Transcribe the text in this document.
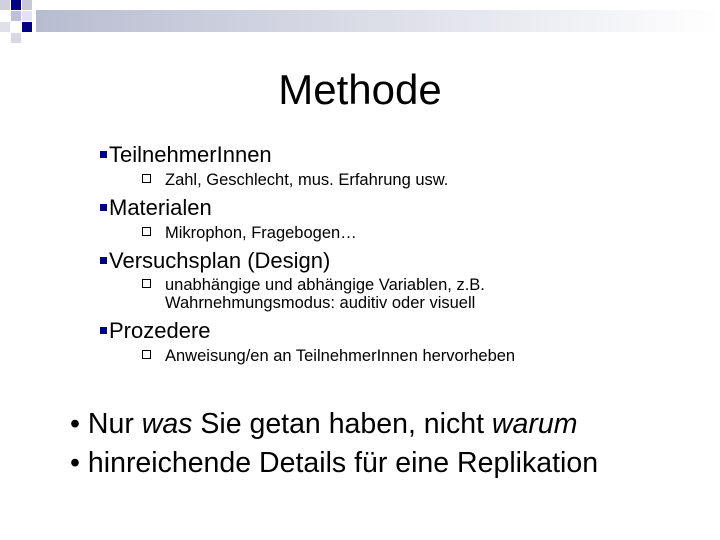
Methode
TeilnehmerInnen
Zahl, Geschlecht, mus. Erfahrung usw.
Materialen
Mikrophon, Fragebogen…
Versuchsplan (Design)
unabhängige und abhängige Variablen, z.B.
Wahrnehmungsmodus: auditiv oder visuell
Prozedere
Anweisung/en an TeilnehmerInnen hervorheben
• Nur was Sie getan haben, nicht warum
• hinreichende Details für eine Replikation
